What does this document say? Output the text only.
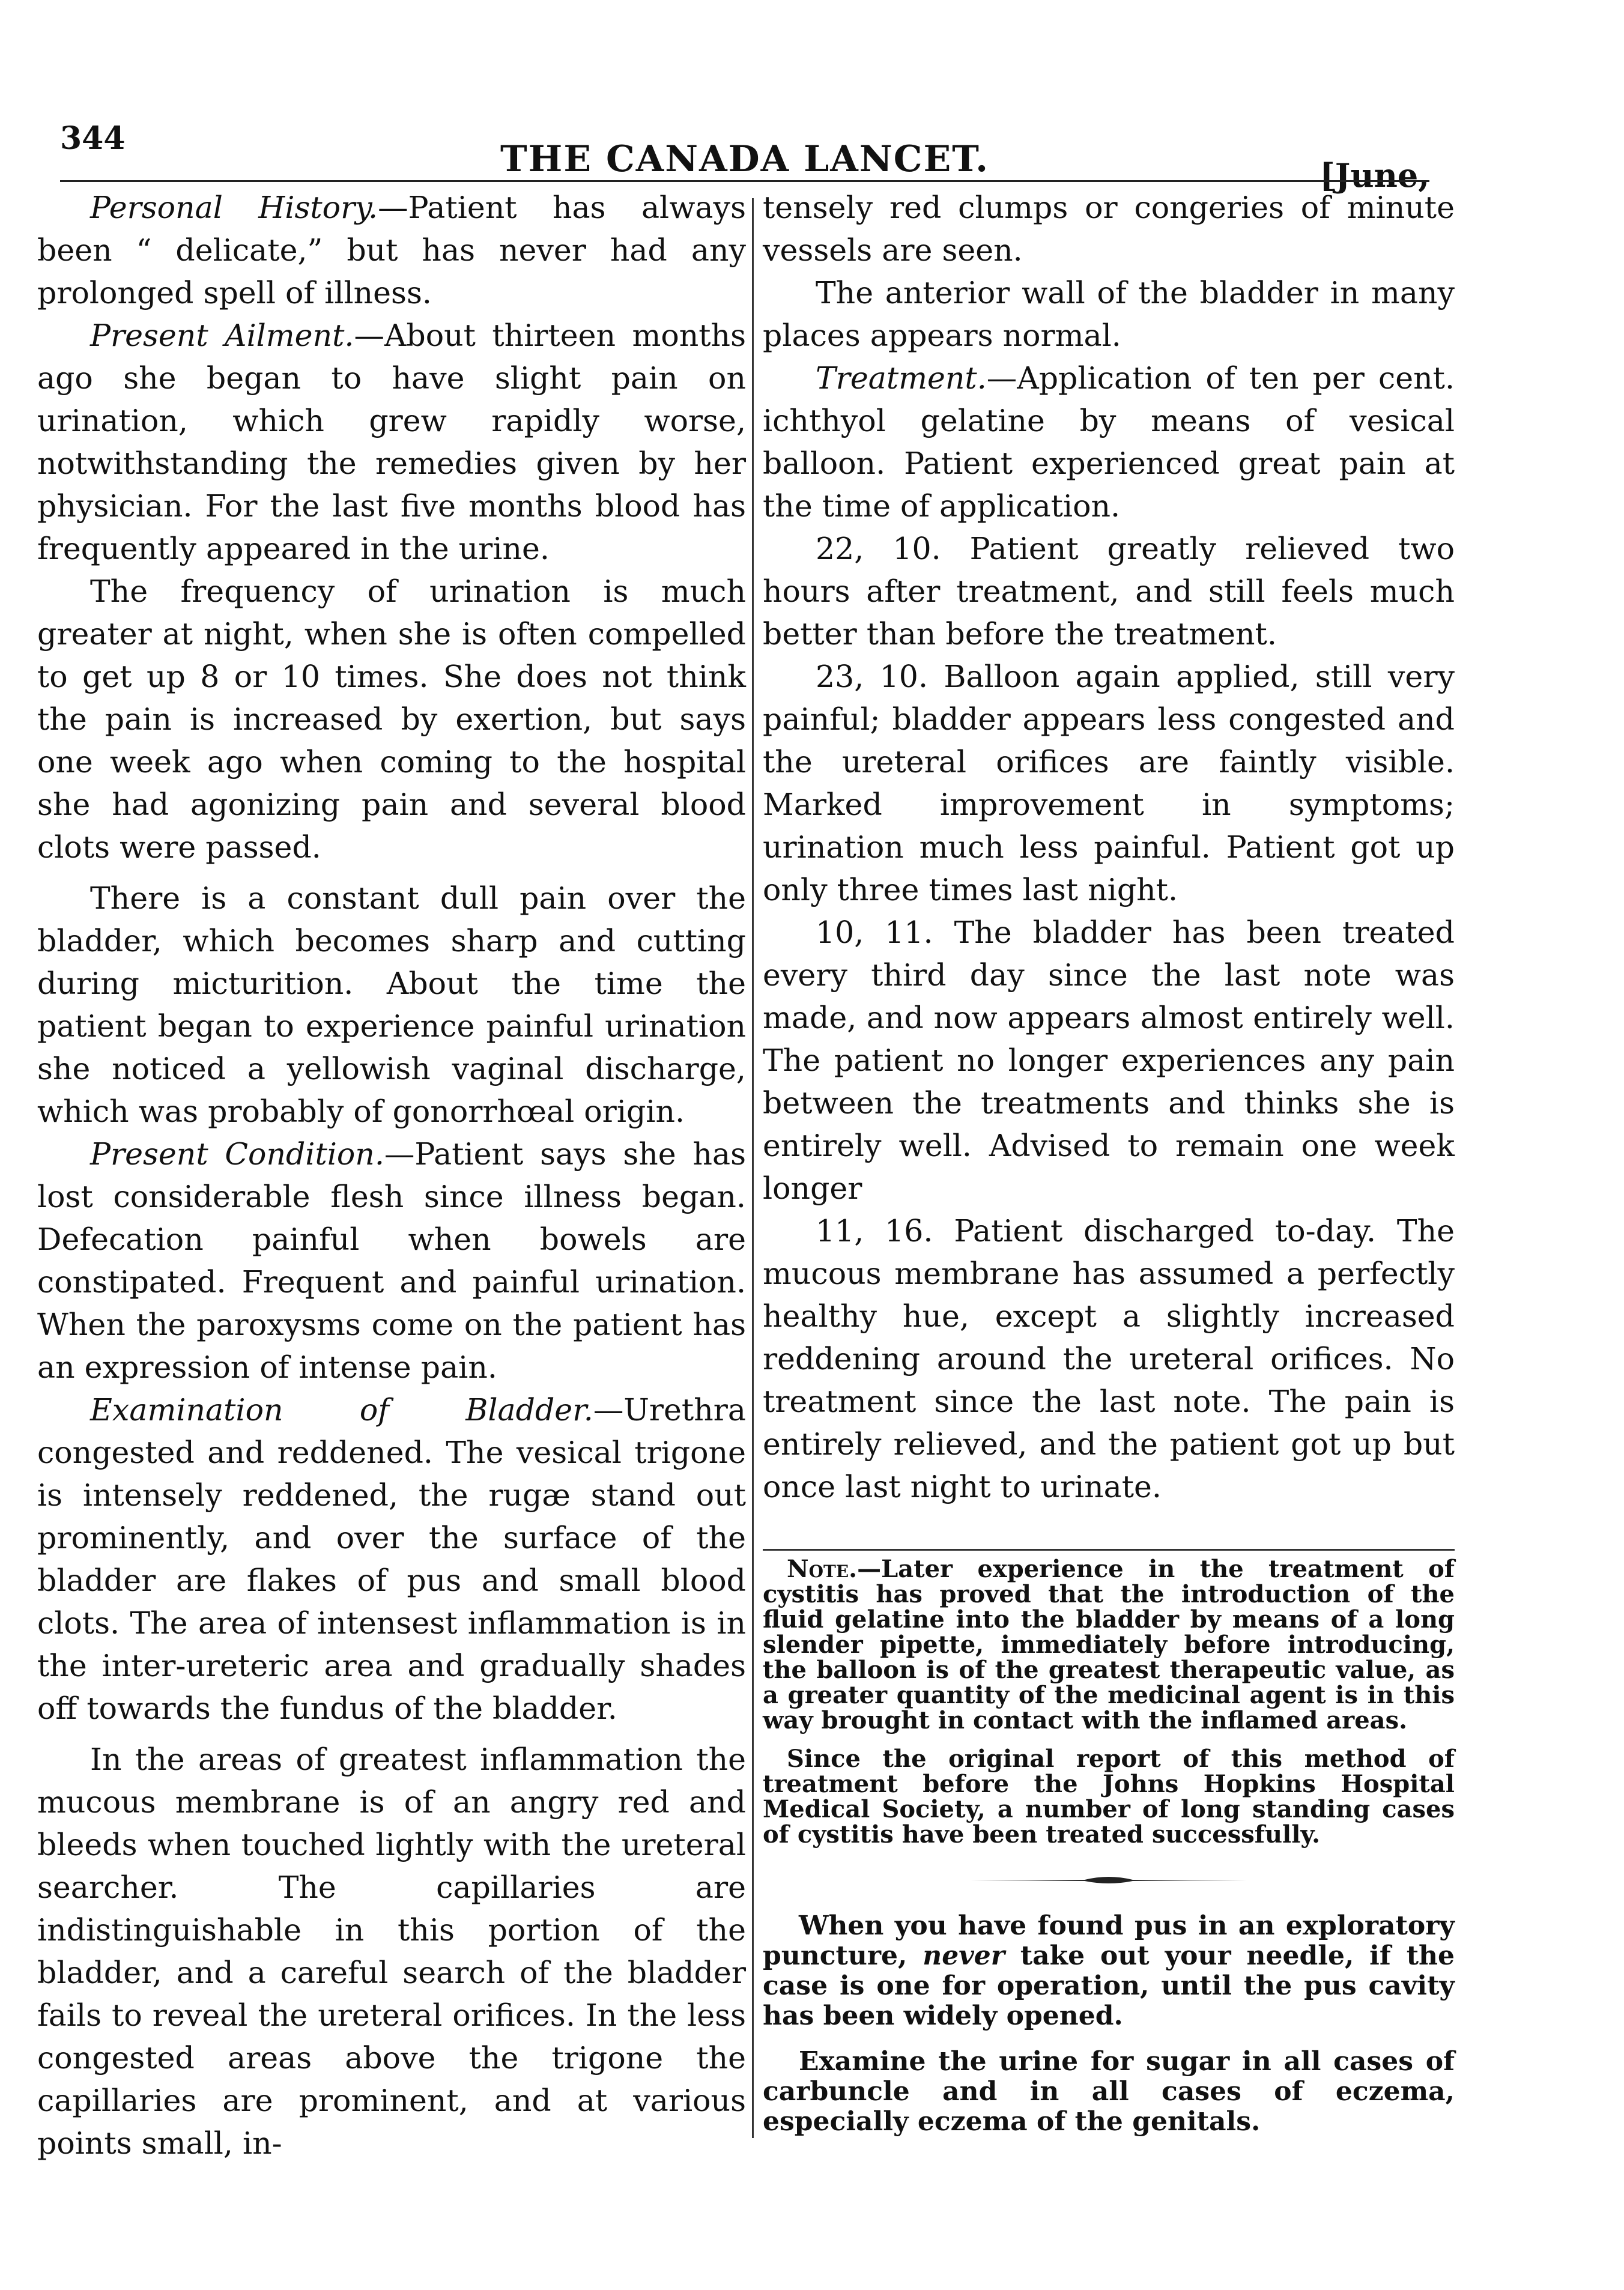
344	THE CANADA LANCET.	[June,

Personal History.—Patient has always been “ delicate,” but has never had any prolonged spell of illness.

Present Ailment.—About thirteen months ago she began to have slight pain on urination, which grew rapidly worse, notwithstanding the remedies given by her physician. For the last five months blood has frequently appeared in the urine.

The frequency of urination is much greater at night, when she is often compelled to get up 8 or 10 times. She does not think the pain is increased by exertion, but says one week ago when coming to the hospital she had agonizing pain and several blood clots were passed.

There is a constant dull pain over the bladder, which becomes sharp and cutting during micturition. About the time the patient began to experience painful urination she noticed a yellowish vaginal discharge, which was probably of gonorrhœal origin.

Present Condition.—Patient says she has lost considerable flesh since illness began. Defecation painful when bowels are constipated. Frequent and painful urination. When the paroxysms come on the patient has an expression of intense pain.

Examination of Bladder.—Urethra congested and reddened. The vesical trigone is intensely reddened, the rugæ stand out prominently, and over the surface of the bladder are flakes of pus and small blood clots. The area of intensest inflammation is in the inter-ureteric area and gradually shades off towards the fundus of the bladder.

In the areas of greatest inflammation the mucous membrane is of an angry red and bleeds when touched lightly with the ureteral searcher. The capillaries are indistinguishable in this portion of the bladder, and a careful search of the bladder fails to reveal the ureteral orifices. In the less congested areas above the trigone the capillaries are prominent, and at various points small, in-

tensely red clumps or congeries of minute vessels are seen.

The anterior wall of the bladder in many places appears normal.

Treatment.—Application of ten per cent. ichthyol gelatine by means of vesical balloon. Patient experienced great pain at the time of application.

22, 10. Patient greatly relieved two hours after treatment, and still feels much better than before the treatment.

23, 10. Balloon again applied, still very painful; bladder appears less congested and the ureteral orifices are faintly visible. Marked improvement in symptoms; urination much less painful. Patient got up only three times last night.

10, 11. The bladder has been treated every third day since the last note was made, and now appears almost entirely well. The patient no longer experiences any pain between the treatments and thinks she is entirely well. Advised to remain one week longer

11, 16. Patient discharged to-day. The mucous membrane has assumed a perfectly healthy hue, except a slightly increased reddening around the ureteral orifices. No treatment since the last note. The pain is entirely relieved, and the patient got up but once last night to urinate.

Note.—Later experience in the treatment of cystitis has proved that the introduction of the fluid gelatine into the bladder by means of a long slender pipette, immediately before introducing, the balloon is of the greatest therapeutic value, as a greater quantity of the medicinal agent is in this way brought in contact with the inflamed areas.

Since the original report of this method of treatment before the Johns Hopkins Hospital Medical Society, a number of long standing cases of cystitis have been treated successfully.

When you have found pus in an exploratory puncture, never take out your needle, if the case is one for operation, until the pus cavity has been widely opened.

Examine the urine for sugar in all cases of carbuncle and in all cases of eczema, especially eczema of the genitals.
